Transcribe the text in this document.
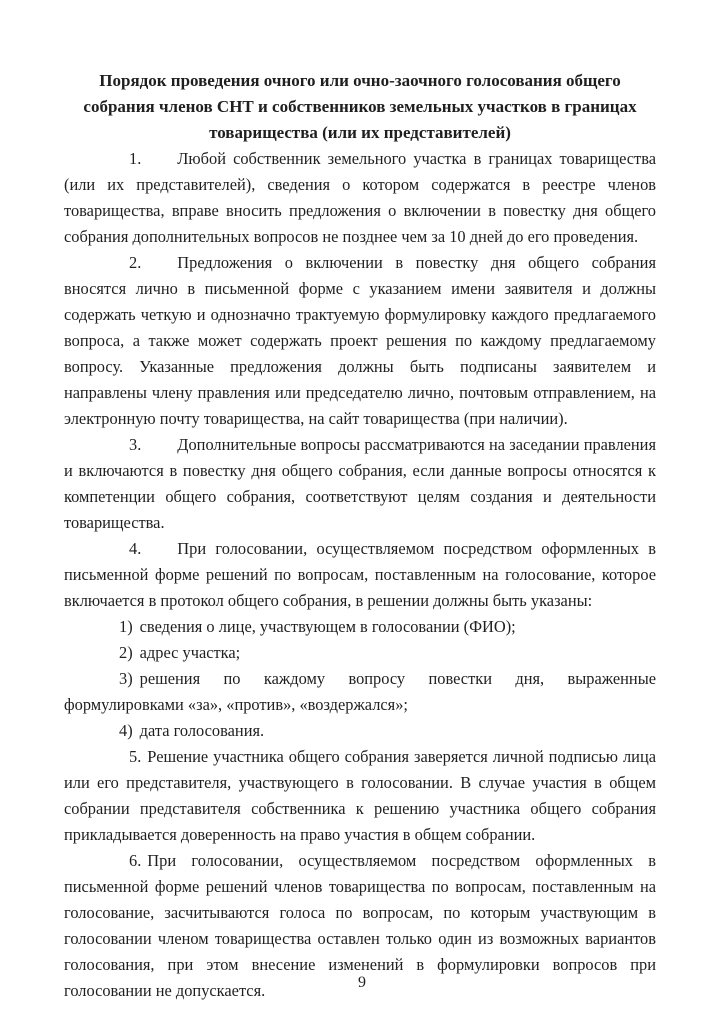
Порядок проведения очного или очно-заочного голосования общего
собрания членов СНТ и собственников земельных участков в границах
товарищества (или их представителей)

1. Любой собственник земельного участка в границах товарищества (или их представителей), сведения о котором содержатся в реестре членов товарищества, вправе вносить предложения о включении в повестку дня общего собрания дополнительных вопросов не позднее чем за 10 дней до его проведения.

2. Предложения о включении в повестку дня общего собрания вносятся лично в письменной форме с указанием имени заявителя и должны содержать четкую и однозначно трактуемую формулировку каждого предлагаемого вопроса, а также может содержать проект решения по каждому предлагаемому вопросу. Указанные предложения должны быть подписаны заявителем и направлены члену правления или председателю лично, почтовым отправлением, на электронную почту товарищества, на сайт товарищества (при наличии).

3. Дополнительные вопросы рассматриваются на заседании правления и включаются в повестку дня общего собрания, если данные вопросы относятся к компетенции общего собрания, соответствуют целям создания и деятельности товарищества.

4. При голосовании, осуществляемом посредством оформленных в письменной форме решений по вопросам, поставленным на голосование, которое включается в протокол общего собрания, в решении должны быть указаны:

1) сведения о лице, участвующем в голосовании (ФИО);

2) адрес участка;

3) решения по каждому вопросу повестки дня, выраженные формулировками «за», «против», «воздержался»;

4) дата голосования.

5. Решение участника общего собрания заверяется личной подписью лица или его представителя, участвующего в голосовании. В случае участия в общем собрании представителя собственника к решению участника общего собрания прикладывается доверенность на право участия в общем собрании.

6. При голосовании, осуществляемом посредством оформленных в письменной форме решений членов товарищества по вопросам, поставленным на голосование, засчитываются голоса по вопросам, по которым участвующим в голосовании членом товарищества оставлен только один из возможных вариантов голосования, при этом внесение изменений в формулировки вопросов при голосовании не допускается.	9
